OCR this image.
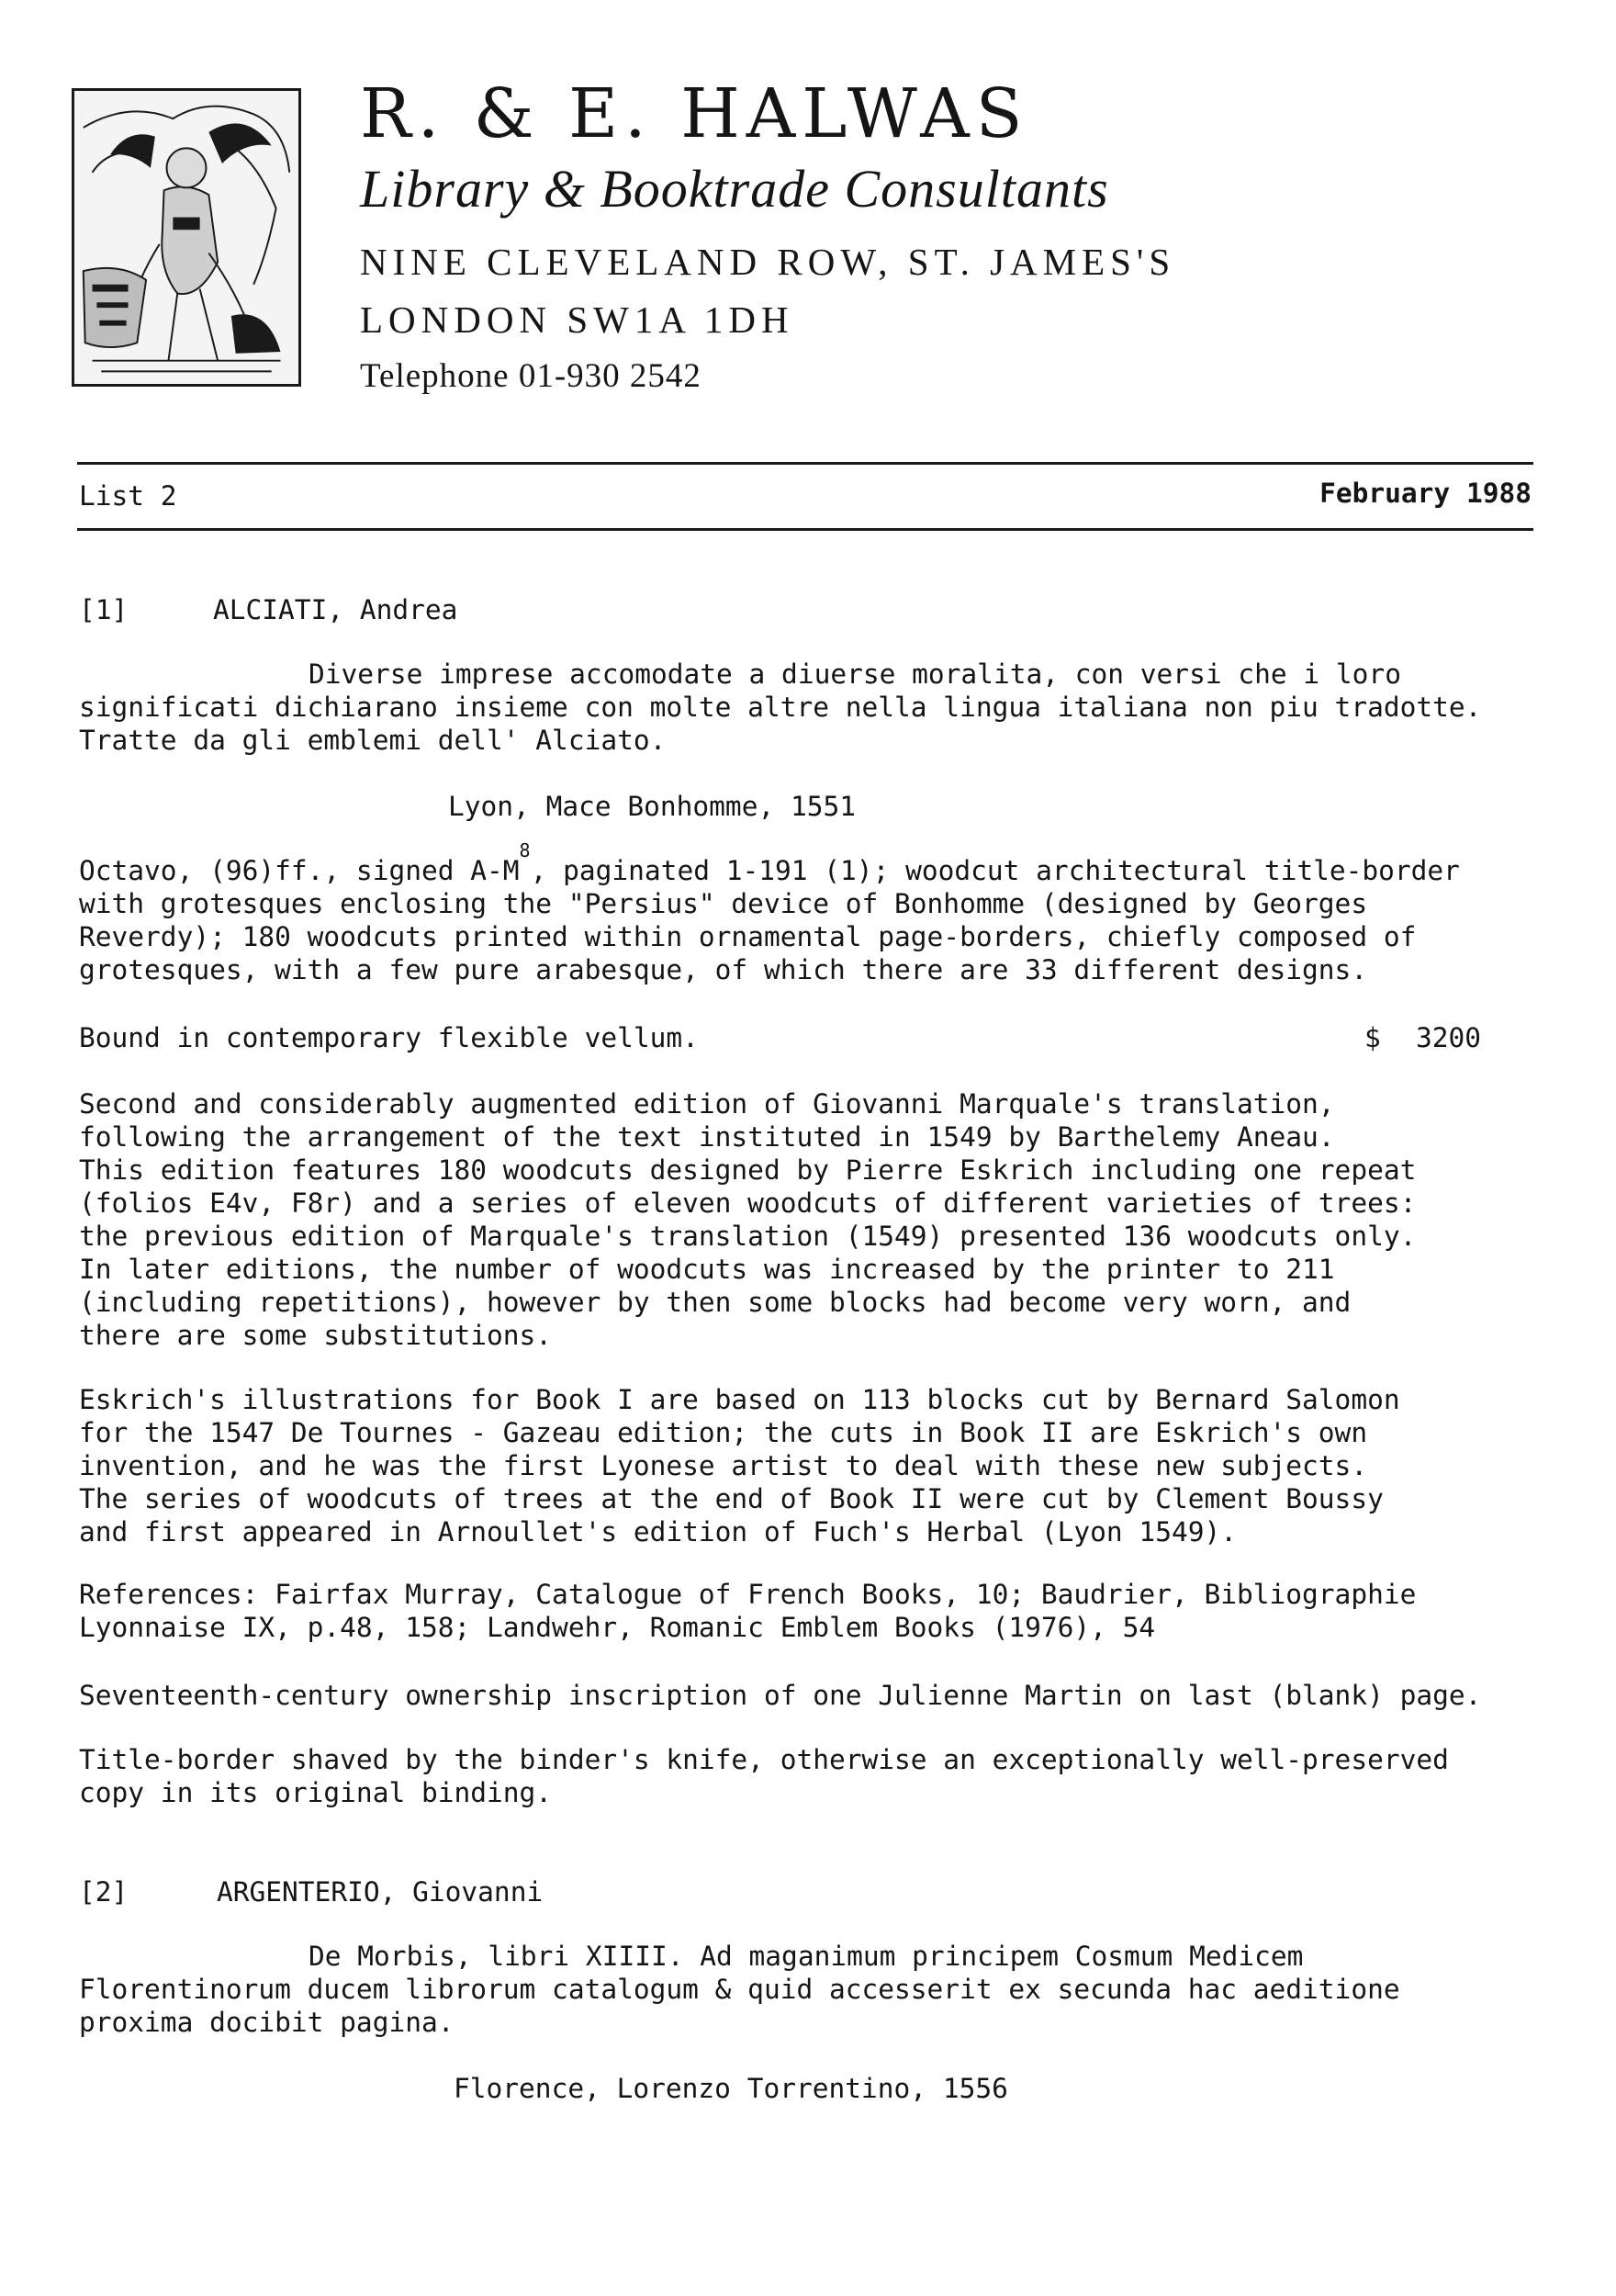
R. & E. HALWAS
Library & Booktrade Consultants
NINE CLEVELAND ROW, ST. JAMES'S
LONDON SW1A 1DH
Telephone 01-930 2542
List 2	February 1988
[1]	ALCIATI, Andrea
Diverse imprese accomodate a diuerse moralita, con versi che i loro
significati dichiarano insieme con molte altre nella lingua italiana non piu tradotte.
Tratte da gli emblemi dell' Alciato.
Lyon, Mace Bonhomme, 1551
Octavo, (96)ff., signed $A-M^8$, paginated 1-191 (1); woodcut architectural title-border
with grotesques enclosing the "Persius" device of Bonhomme (designed by Georges
Reverdy); 180 woodcuts printed within ornamental page-borders, chiefly composed of
grotesques, with a few pure arabesque, of which there are 33 different designs.
Bound in contemporary flexible vellum.	$ 3200
Second and considerably augmented edition of Giovanni Marquale's translation,
following the arrangement of the text instituted in 1549 by Barthelemy Aneau.
This edition features 180 woodcuts designed by Pierre Eskrich including one repeat
(folios E4v, F8r) and a series of eleven woodcuts of different varieties of trees:
the previous edition of Marquale's translation (1549) presented 136 woodcuts only.
In later editions, the number of woodcuts was increased by the printer to 211
(including repetitions), however by then some blocks had become very worn, and
there are some substitutions.
Eskrich's illustrations for Book I are based on 113 blocks cut by Bernard Salomon
for the 1547 De Tournes - Gazeau edition; the cuts in Book II are Eskrich's own
invention, and he was the first Lyonese artist to deal with these new subjects.
The series of woodcuts of trees at the end of Book II were cut by Clement Boussy
and first appeared in Arnoullet's edition of Fuch's Herbal (Lyon 1549).
References: Fairfax Murray, Catalogue of French Books, 10; Baudrier, Bibliographie
Lyonnaise IX, p.48, 158; Landwehr, Romanic Emblem Books (1976), 54
Seventeenth-century ownership inscription of one Julienne Martin on last (blank) page.
Title-border shaved by the binder's knife, otherwise an exceptionally well-preserved
copy in its original binding.
[2]	ARGENTERIO, Giovanni
De Morbis, libri XIIII. Ad maganimum principem Cosmum Medicem
Florentinorum ducem librorum catalogum & quid accesserit ex secunda hac aeditione
proxima docibit pagina.
Florence, Lorenzo Torrentino, 1556
